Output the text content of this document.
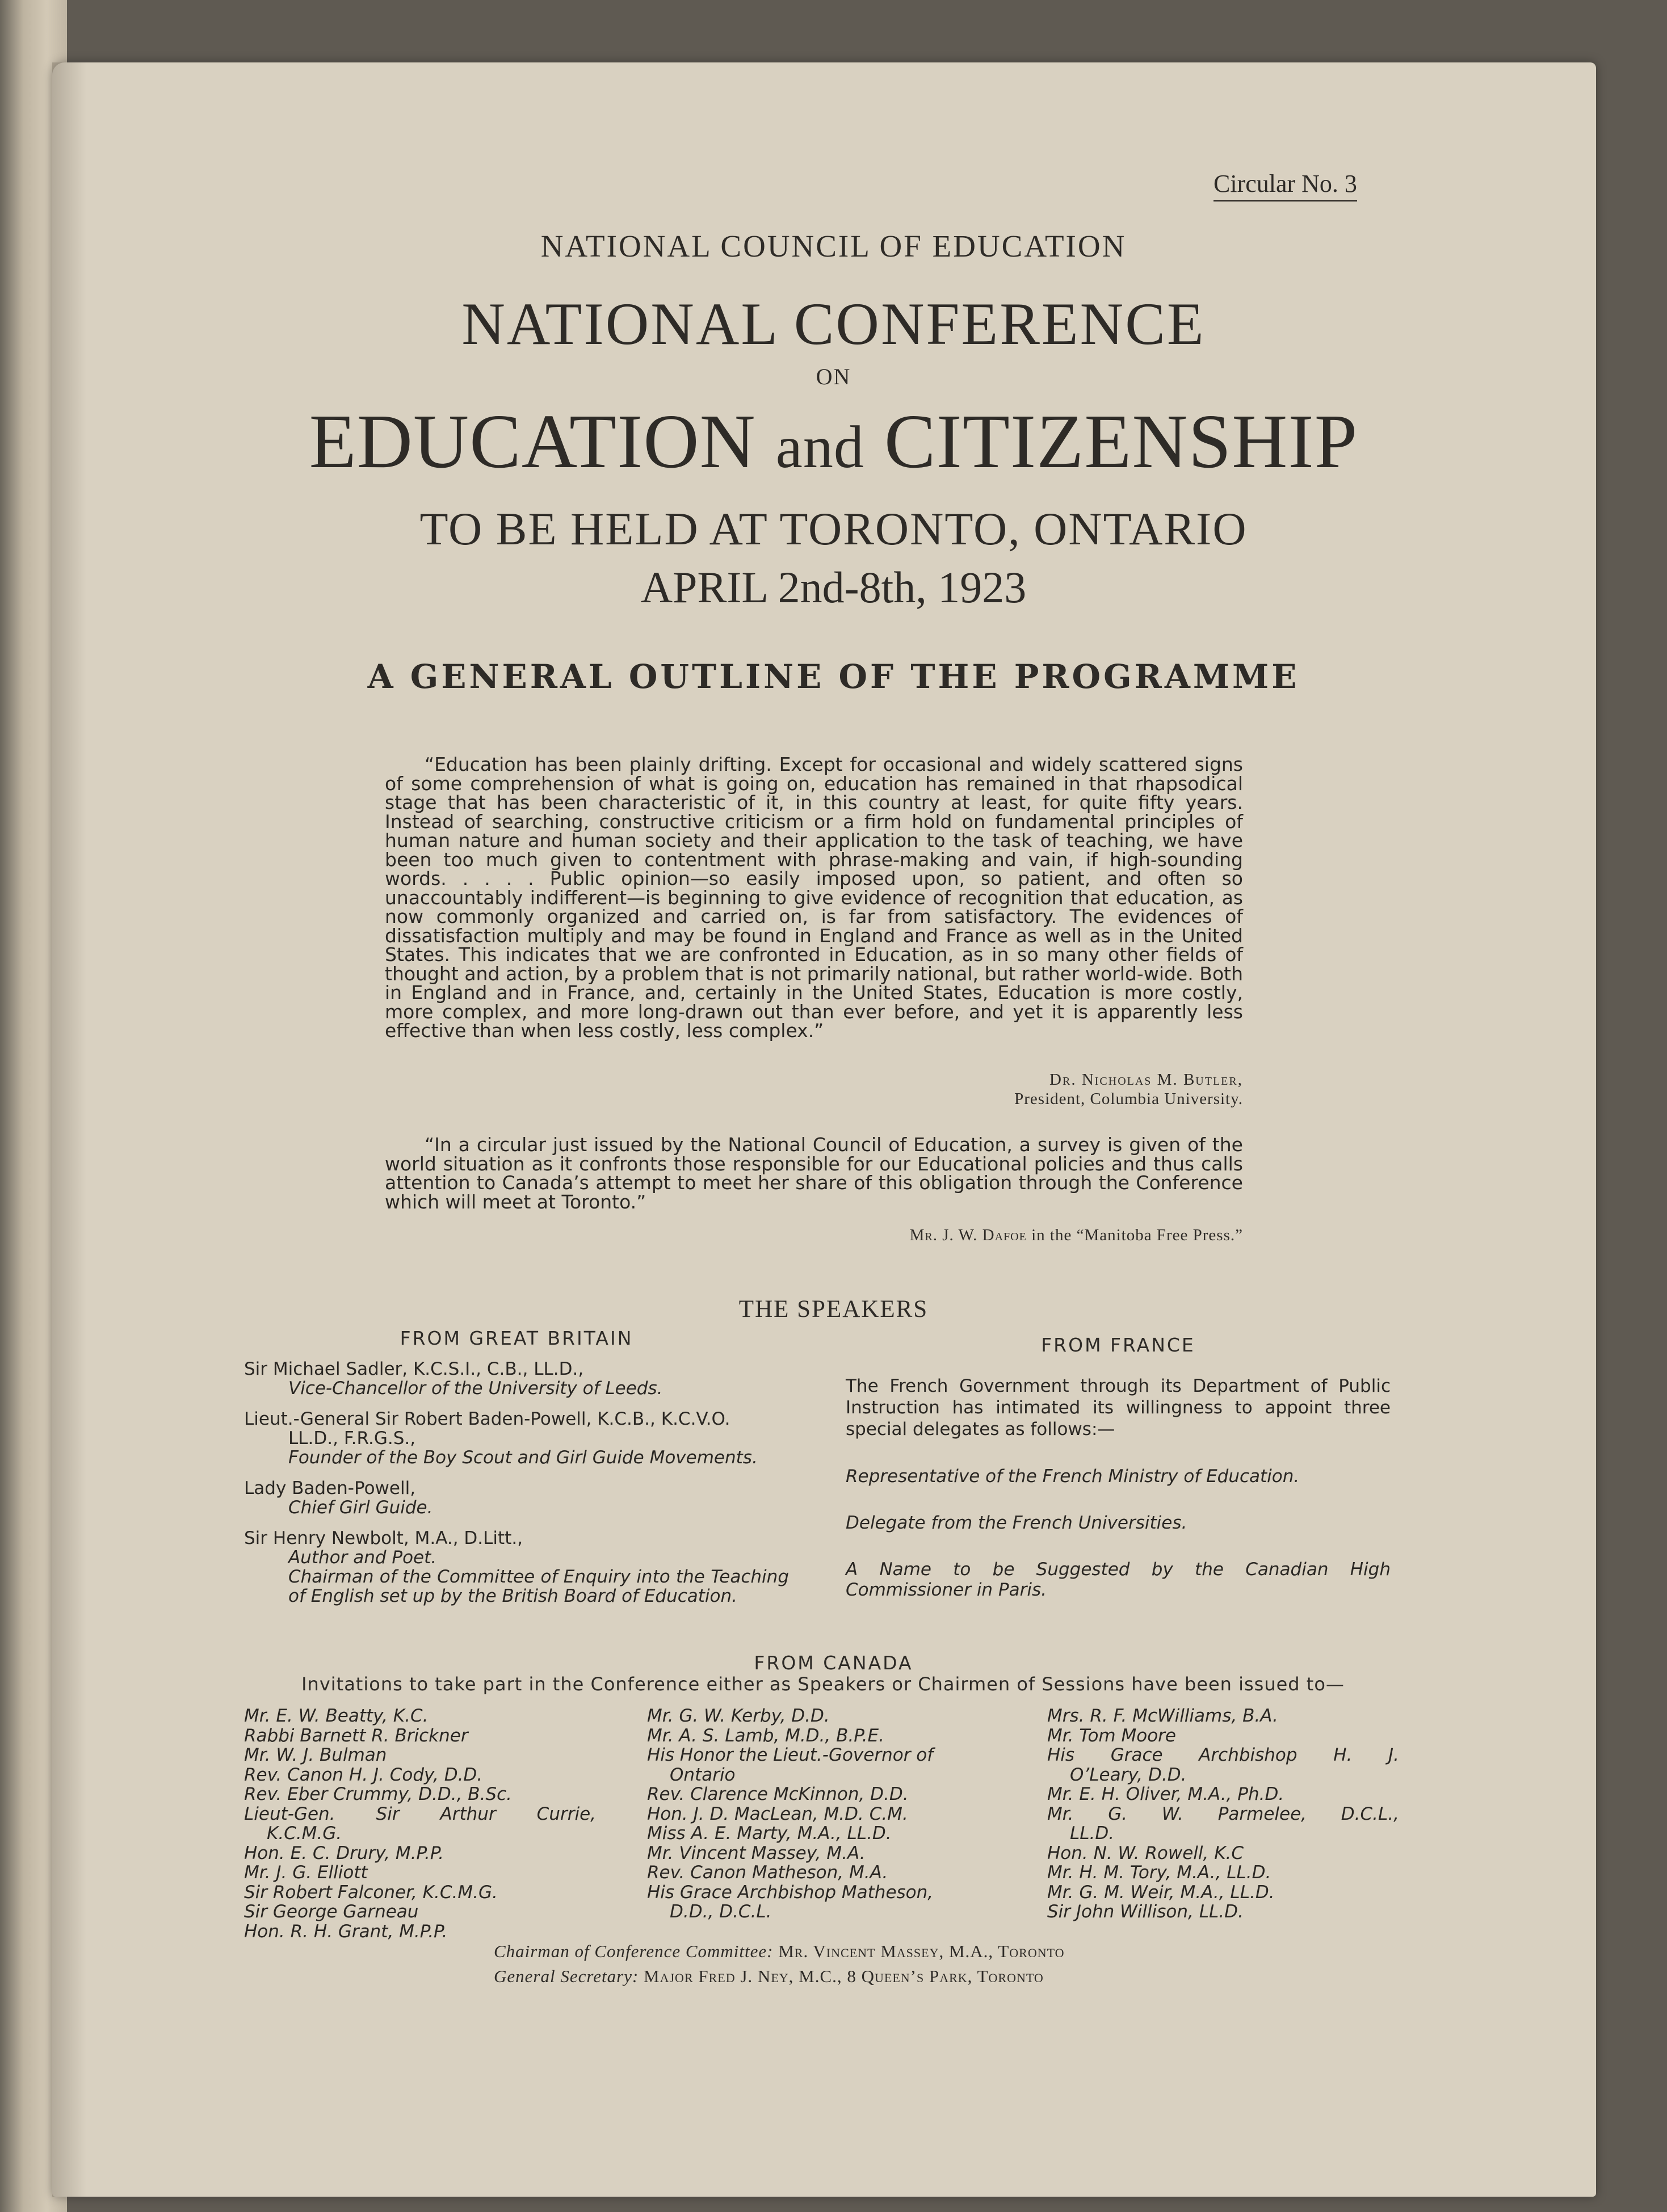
Circular No. 3
NATIONAL COUNCIL OF EDUCATION
NATIONAL CONFERENCE
ON
EDUCATION and CITIZENSHIP
TO BE HELD AT TORONTO, ONTARIO
APRIL 2nd-8th, 1923
A GENERAL OUTLINE OF THE PROGRAMME

“Education has been plainly drifting. Except for occasional and widely scattered signs of some comprehension of what is going on, education has remained in that rhapsodical stage that has been characteristic of it, in this country at least, for quite fifty years. Instead of searching, constructive criticism or a firm hold on fundamental principles of human nature and human society and their application to the task of teaching, we have been too much given to contentment with phrase-making and vain, if high-sounding words. . . . . Public opinion—so easily imposed upon, so patient, and often so unaccountably indifferent—is beginning to give evidence of recognition that education, as now commonly organized and carried on, is far from satisfactory. The evidences of dissatisfaction multiply and may be found in England and France as well as in the United States. This indicates that we are confronted in Education, as in so many other fields of thought and action, by a problem that is not primarily national, but rather world-wide. Both in England and in France, and, certainly in the United States, Education is more costly, more complex, and more long-drawn out than ever before, and yet it is apparently less effective than when less costly, less complex.”

Dr. Nicholas M. Butler,
President, Columbia University.

“In a circular just issued by the National Council of Education, a survey is given of the world situation as it confronts those responsible for our Educational policies and thus calls attention to Canada’s attempt to meet her share of this obligation through the Conference which will meet at Toronto.”

Mr. J. W. Dafoe in the “Manitoba Free Press.”
THE SPEAKERS
FROM GREAT BRITAIN	FROM FRANCE
Sir Michael Sadler, K.C.S.I., C.B., LL.D.,
Vice-Chancellor of the University of Leeds.
Lieut.-General Sir Robert Baden-Powell, K.C.B., K.C.V.O.
LL.D., F.R.G.S.,
Founder of the Boy Scout and Girl Guide Movements.
Lady Baden-Powell,
Chief Girl Guide.
Sir Henry Newbolt, M.A., D.Litt.,
Author and Poet.
Chairman of the Committee of Enquiry into the Teaching of English set up by the British Board of Education.
The French Government through its Department of Public Instruction has intimated its willingness to appoint three special delegates as follows:—
Representative of the French Ministry of Education.
Delegate from the French Universities.
A Name to be Suggested by the Canadian High Commissioner in Paris.
FROM CANADA
Invitations to take part in the Conference either as Speakers or Chairmen of Sessions have been issued to—
Mr. E. W. Beatty, K.C.
Rabbi Barnett R. Brickner
Mr. W. J. Bulman
Rev. Canon H. J. Cody, D.D.
Rev. Eber Crummy, D.D., B.Sc.
Lieut-Gen. Sir Arthur Currie,
K.C.M.G.
Hon. E. C. Drury, M.P.P.
Mr. J. G. Elliott
Sir Robert Falconer, K.C.M.G.
Sir George Garneau
Hon. R. H. Grant, M.P.P.
Mr. G. W. Kerby, D.D.
Mr. A. S. Lamb, M.D., B.P.E.
His Honor the Lieut.-Governor of
Ontario
Rev. Clarence McKinnon, D.D.
Hon. J. D. MacLean, M.D. C.M.
Miss A. E. Marty, M.A., LL.D.
Mr. Vincent Massey, M.A.
Rev. Canon Matheson, M.A.
His Grace Archbishop Matheson,
D.D., D.C.L.
Mrs. R. F. McWilliams, B.A.
Mr. Tom Moore
His Grace Archbishop H. J.
O’Leary, D.D.
Mr. E. H. Oliver, M.A., Ph.D.
Mr. G. W. Parmelee, D.C.L.,
LL.D.
Hon. N. W. Rowell, K.C
Mr. H. M. Tory, M.A., LL.D.
Mr. G. M. Weir, M.A., LL.D.
Sir John Willison, LL.D.
Chairman of Conference Committee: Mr. Vincent Massey, M.A., Toronto
General Secretary: Major Fred J. Ney, M.C., 8 Queen’s Park, Toronto
